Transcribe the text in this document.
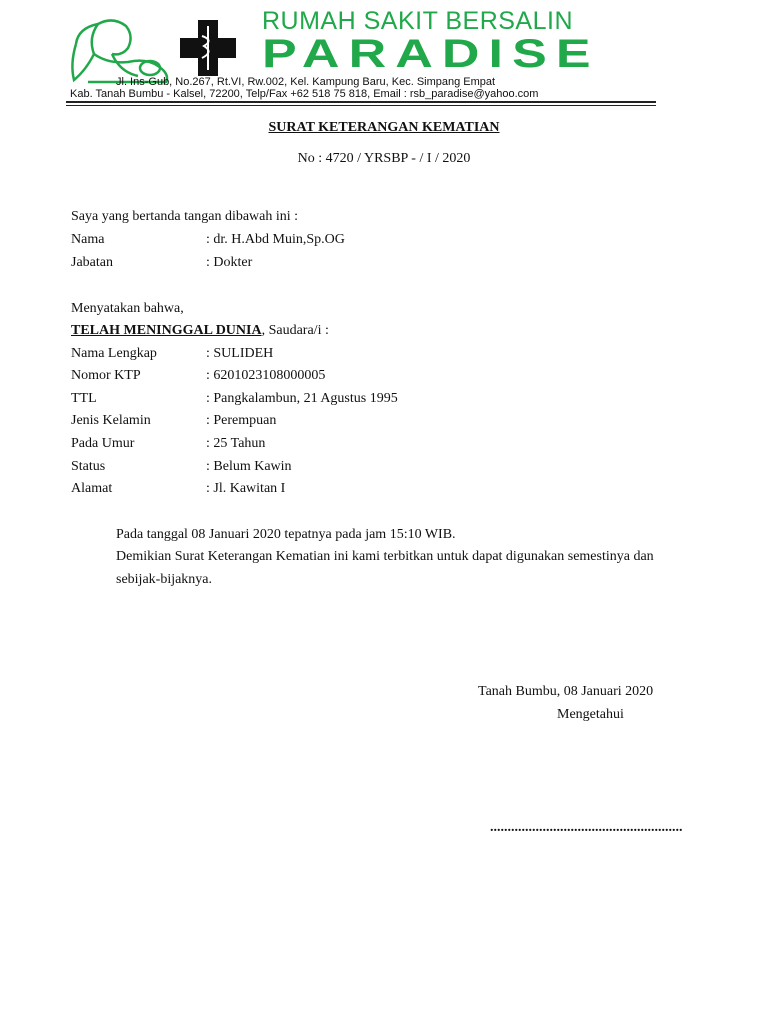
RUMAH SAKIT BERSALIN
PARADISE
Jl. Ins-Gub, No.267, Rt.VI, Rw.002, Kel. Kampung Baru, Kec. Simpang Empat
Kab. Tanah Bumbu - Kalsel, 72200, Telp/Fax +62 518 75 818, Email : rsb_paradise@yahoo.com
SURAT KETERANGAN KEMATIAN
No : 4720 / YRSBP - / I / 2020
Saya yang bertanda tangan dibawah ini :
Nama	: dr. H.Abd Muin,Sp.OG
Jabatan	: Dokter
Menyatakan bahwa,
TELAH MENINGGAL DUNIA, Saudara/i :
Nama Lengkap	: SULIDEH
Nomor KTP	: 6201023108000005
TTL	: Pangkalambun, 21 Agustus 1995
Jenis Kelamin	: Perempuan
Pada Umur	: 25 Tahun
Status	: Belum Kawin
Alamat	: Jl. Kawitan I
Pada tanggal 08 Januari 2020 tepatnya pada jam 15:10 WIB.
Demikian Surat Keterangan Kematian ini kami terbitkan untuk dapat digunakan semestinya dan
sebijak-bijaknya.
Tanah Bumbu, 08 Januari 2020
Mengetahui
.......................................................
